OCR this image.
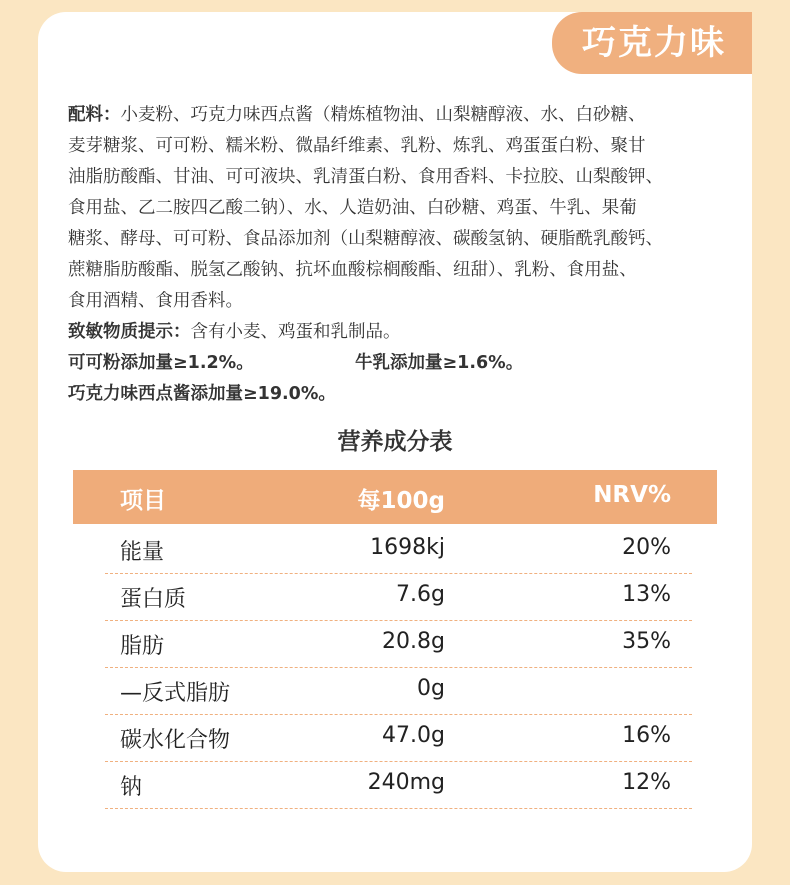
巧克力味

配料：小麦粉、巧克力味西点酱（精炼植物油、山梨糖醇液、水、白砂糖、

麦芽糖浆、可可粉、糯米粉、微晶纤维素、乳粉、炼乳、鸡蛋蛋白粉、聚甘

油脂肪酸酯、甘油、可可液块、乳清蛋白粉、食用香料、卡拉胶、山梨酸钾、

食用盐、乙二胺四乙酸二钠）、水、人造奶油、白砂糖、鸡蛋、牛乳、果葡

糖浆、酵母、可可粉、食品添加剂（山梨糖醇液、碳酸氢钠、硬脂酰乳酸钙、

蔗糖脂肪酸酯、脱氢乙酸钠、抗坏血酸棕榈酸酯、纽甜）、乳粉、食用盐、

食用酒精、食用香料。

致敏物质提示：含有小麦、鸡蛋和乳制品。

可可粉添加量≥1.2%。	牛乳添加量≥1.6%。

巧克力味西点酱添加量≥19.0%。

营养成分表
项目	每100g	NRV%
能量	1698kj	20%
蛋白质	7.6g	13%
脂肪	20.8g	35%
—反式脂肪	0g
碳水化合物	47.0g	16%
钠	240mg	12%
